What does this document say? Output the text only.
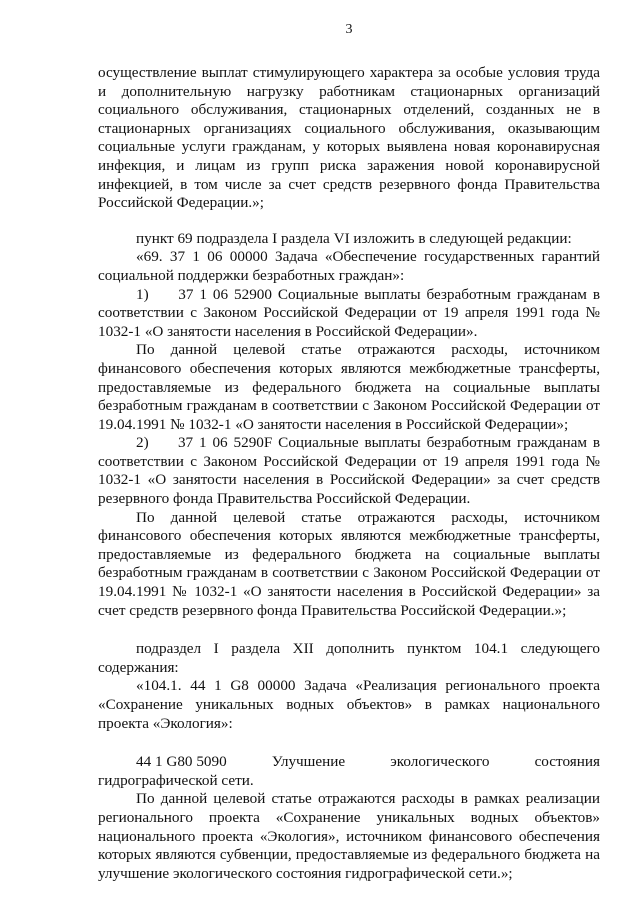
3

осуществление выплат стимулирующего характера за особые условия труда и дополнительную нагрузку работникам стационарных организаций социального обслуживания, стационарных отделений, созданных не в стационарных организациях социального обслуживания, оказывающим социальные услуги гражданам, у которых выявлена новая коронавирусная инфекция, и лицам из групп риска заражения новой коронавирусной инфекцией, в том числе за счет средств резервного фонда Правительства Российской Федерации.»;

пункт 69 подраздела I раздела VI изложить в следующей редакции:

«69. 37 1 06 00000 Задача «Обеспечение государственных гарантий социальной поддержки безработных граждан»:

1)     37 1 06 52900 Социальные выплаты безработным гражданам в соответствии с Законом Российской Федерации от 19 апреля 1991 года № 1032-1 «О занятости населения в Российской Федерации».

По данной целевой статье отражаются расходы, источником финансового обеспечения которых являются межбюджетные трансферты, предоставляемые из федерального бюджета на социальные выплаты безработным гражданам в соответствии с Законом Российской Федерации от 19.04.1991 № 1032-1 «О занятости населения в Российской Федерации»;

2)     37 1 06 5290F Социальные выплаты безработным гражданам в соответствии с Законом Российской Федерации от 19 апреля 1991 года № 1032-1 «О занятости населения в Российской Федерации» за счет средств резервного фонда Правительства Российской Федерации.

По данной целевой статье отражаются расходы, источником финансового обеспечения которых являются межбюджетные трансферты, предоставляемые из федерального бюджета на социальные выплаты безработным гражданам в соответствии с Законом Российской Федерации от 19.04.1991 № 1032-1 «О занятости населения в Российской Федерации» за счет средств резервного фонда Правительства Российской Федерации.»;

подраздел I раздела XII дополнить пунктом 104.1 следующего содержания:

«104.1. 44 1 G8 00000 Задача «Реализация регионального проекта «Сохранение уникальных водных объектов» в рамках национального проекта «Экология»:

44 1 G80 5090	Улучшение	экологического	состояния

гидрографической сети.

По данной целевой статье отражаются расходы в рамках реализации регионального проекта «Сохранение уникальных водных объектов» национального проекта «Экология», источником финансового обеспечения которых являются субвенции, предоставляемые из федерального бюджета на улучшение экологического состояния гидрографической сети.»;
